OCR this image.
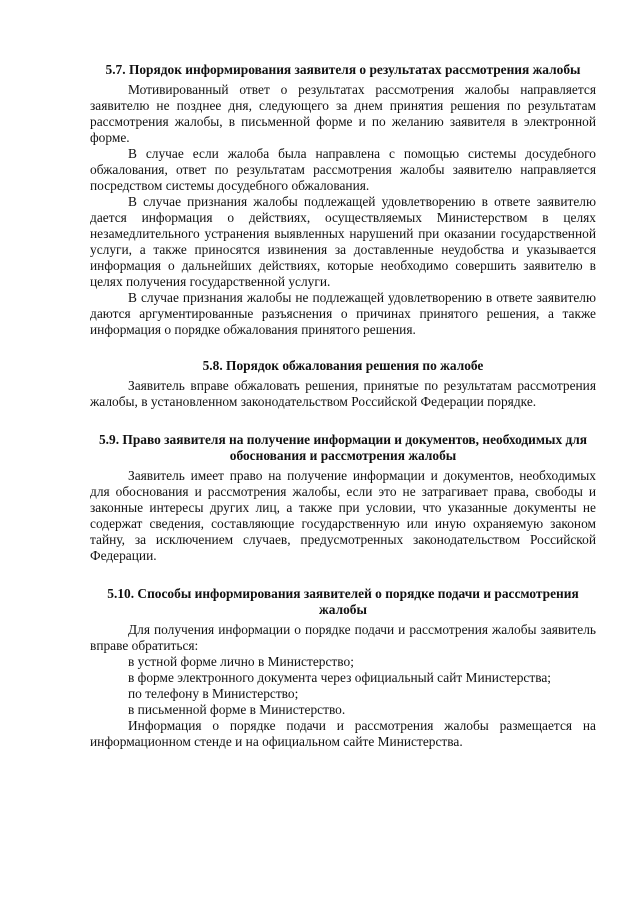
5.7. Порядок информирования заявителя о результатах рассмотрения жалобы

Мотивированный ответ о результатах рассмотрения жалобы направляется заявителю не позднее дня, следующего за днем принятия решения по результатам рассмотрения жалобы, в письменной форме и по желанию заявителя в электронной форме.

В случае если жалоба была направлена с помощью системы досудебного обжалования, ответ по результатам рассмотрения жалобы заявителю направляется посредством системы досудебного обжалования.

В случае признания жалобы подлежащей удовлетворению в ответе заявителю дается информация о действиях, осуществляемых Министерством в целях незамедлительного устранения выявленных нарушений при оказании государственной услуги, а также приносятся извинения за доставленные неудобства и указывается информация о дальнейших действиях, которые необходимо совершить заявителю в целях получения государственной услуги.

В случае признания жалобы не подлежащей удовлетворению в ответе заявителю даются аргументированные разъяснения о причинах принятого решения, а также информация о порядке обжалования принятого решения.

5.8. Порядок обжалования решения по жалобе

Заявитель вправе обжаловать решения, принятые по результатам рассмотрения жалобы, в установленном законодательством Российской Федерации порядке.

5.9. Право заявителя на получение информации и документов, необходимых для обоснования и рассмотрения жалобы

Заявитель имеет право на получение информации и документов, необходимых для обоснования и рассмотрения жалобы, если это не затрагивает права, свободы и законные интересы других лиц, а также при условии, что указанные документы не содержат сведения, составляющие государственную или иную охраняемую законом тайну, за исключением случаев, предусмотренных законодательством Российской Федерации.

5.10. Способы информирования заявителей о порядке подачи и рассмотрения жалобы

Для получения информации о порядке подачи и рассмотрения жалобы заявитель вправе обратиться:

в устной форме лично в Министерство;

в форме электронного документа через официальный сайт Министерства;

по телефону в Министерство;

в письменной форме в Министерство.

Информация о порядке подачи и рассмотрения жалобы размещается на информационном стенде и на официальном сайте Министерства.
